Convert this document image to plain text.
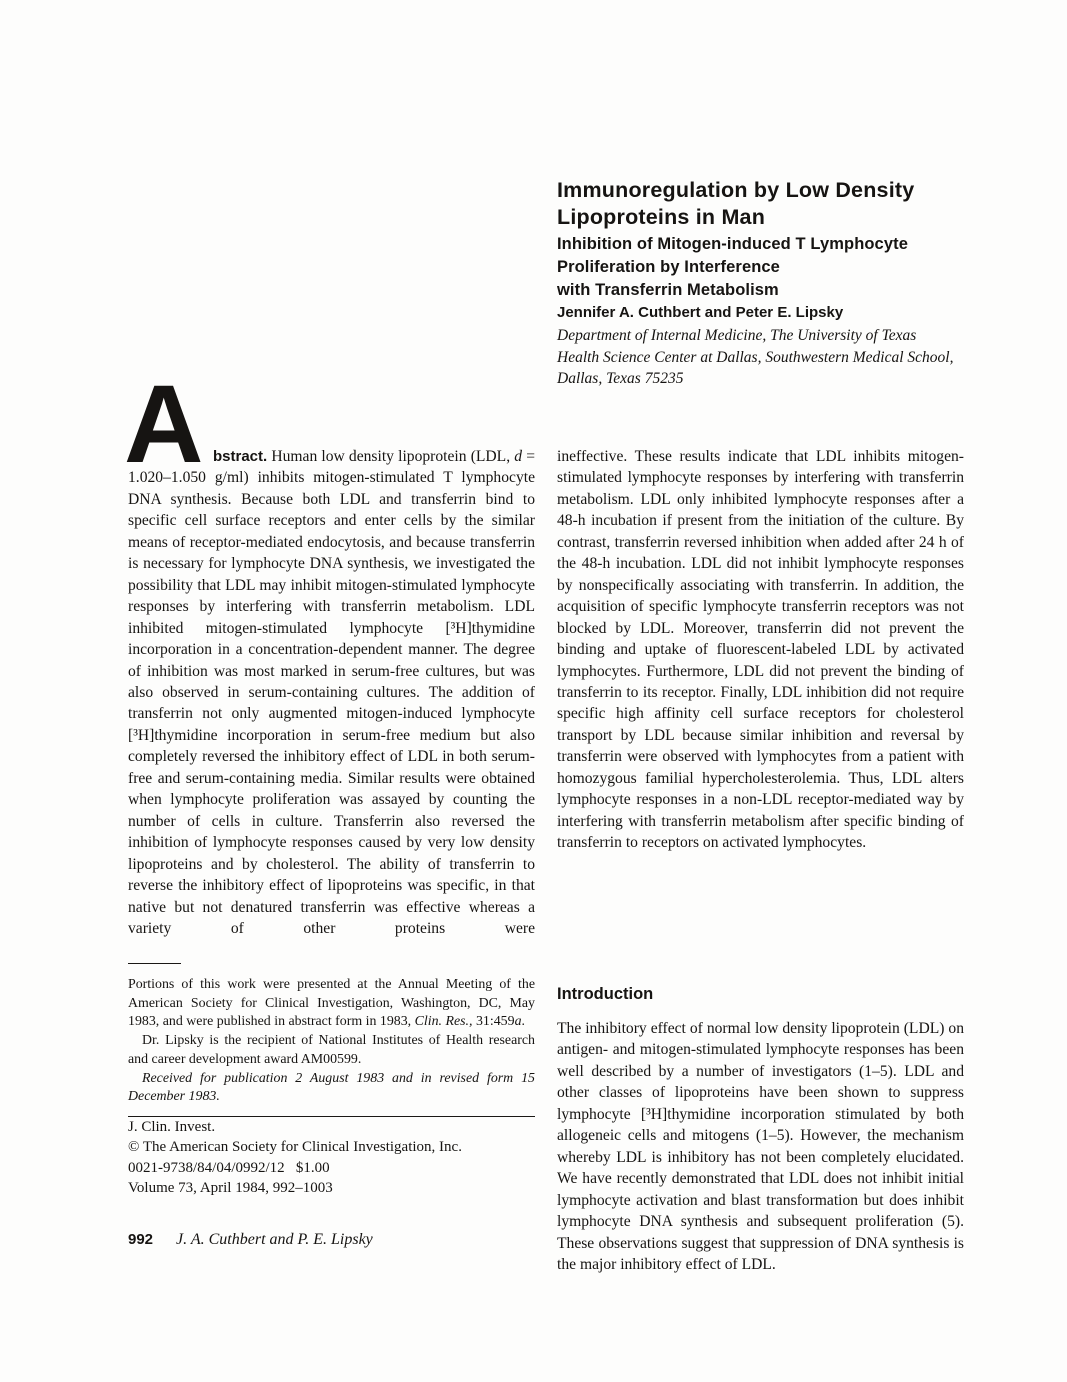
Immunoregulation by Low Density
Lipoproteins in Man
Inhibition of Mitogen-induced T Lymphocyte
Proliferation by Interference
with Transferrin Metabolism
Jennifer A. Cuthbert and Peter E. Lipsky
Department of Internal Medicine, The University of Texas
Health Science Center at Dallas, Southwestern Medical School,
Dallas, Texas 75235
A bstract. Human low density lipoprotein (LDL, d = 1.020–1.050 g/ml) inhibits mitogen-stimulated T lymphocyte DNA synthesis. Because both LDL and transferrin bind to specific cell surface receptors and enter cells by the similar means of receptor-mediated endocytosis, and because transferrin is necessary for lymphocyte DNA synthesis, we investigated the possibility that LDL may inhibit mitogen-stimulated lymphocyte responses by interfering with transferrin metabolism. LDL inhibited mitogen-stimulated lymphocyte [³H]thymidine incorporation in a concentration-dependent manner. The degree of inhibition was most marked in serum-free cultures, but was also observed in serum-containing cultures. The addition of transferrin not only augmented mitogen-induced lymphocyte [³H]thymidine incorporation in serum-free medium but also completely reversed the inhibitory effect of LDL in both serum-free and serum-containing media. Similar results were obtained when lymphocyte proliferation was assayed by counting the number of cells in culture. Transferrin also reversed the inhibition of lymphocyte responses caused by very low density lipoproteins and by cholesterol. The ability of transferrin to reverse the inhibitory effect of lipoproteins was specific, in that native but not denatured transferrin was effective whereas a variety of other proteins were

ineffective. These results indicate that LDL inhibits mitogen-stimulated lymphocyte responses by interfering with transferrin metabolism. LDL only inhibited lymphocyte responses after a 48-h incubation if present from the initiation of the culture. By contrast, transferrin reversed inhibition when added after 24 h of the 48-h incubation. LDL did not inhibit lymphocyte responses by nonspecifically associating with transferrin. In addition, the acquisition of specific lymphocyte transferrin receptors was not blocked by LDL. Moreover, transferrin did not prevent the binding and uptake of fluorescent-labeled LDL by activated lymphocytes. Furthermore, LDL did not prevent the binding of transferrin to its receptor. Finally, LDL inhibition did not require specific high affinity cell surface receptors for cholesterol transport by LDL because similar inhibition and reversal by transferrin were observed with lymphocytes from a patient with homozygous familial hypercholesterolemia. Thus, LDL alters lymphocyte responses in a non-LDL receptor-mediated way by interfering with transferrin metabolism after specific binding of transferrin to receptors on activated lymphocytes.

Introduction

The inhibitory effect of normal low density lipoprotein (LDL) on antigen- and mitogen-stimulated lymphocyte responses has been well described by a number of investigators (1–5). LDL and other classes of lipoproteins have been shown to suppress lymphocyte [³H]thymidine incorporation stimulated by both allogeneic cells and mitogens (1–5). However, the mechanism whereby LDL is inhibitory has not been completely elucidated. We have recently demonstrated that LDL does not inhibit initial lymphocyte activation and blast transformation but does inhibit lymphocyte DNA synthesis and subsequent proliferation (5). These observations suggest that suppression of DNA synthesis is the major inhibitory effect of LDL.

Portions of this work were presented at the Annual Meeting of the American Society for Clinical Investigation, Washington, DC, May 1983, and were published in abstract form in 1983, Clin. Res., 31:459a.

Dr. Lipsky is the recipient of National Institutes of Health research and career development award AM00599.

Received for publication 2 August 1983 and in revised form 15 December 1983.

J. Clin. Invest.

© The American Society for Clinical Investigation, Inc.

0021-9738/84/04/0992/12   $1.00

Volume 73, April 1984, 992–1003

992 J. A. Cuthbert and P. E. Lipsky
